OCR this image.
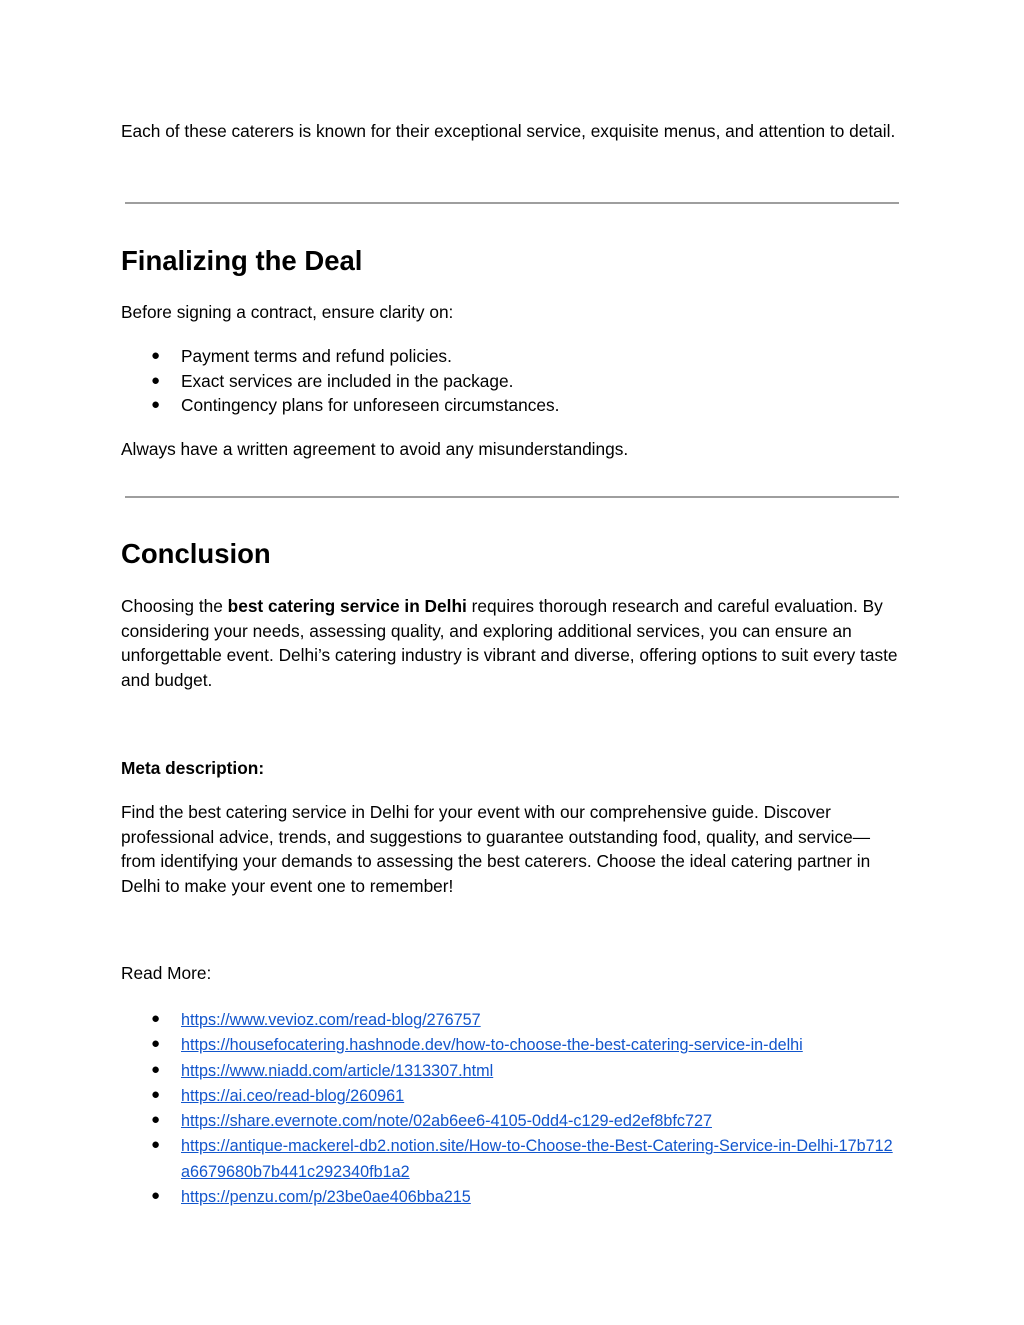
Each of these caterers is known for their exceptional service, exquisite menus, and attention to detail.

Finalizing the Deal

Before signing a contract, ensure clarity on:

● Payment terms and refund policies.
● Exact services are included in the package.
● Contingency plans for unforeseen circumstances.

Always have a written agreement to avoid any misunderstandings.

Conclusion

Choosing the best catering service in Delhi requires thorough research and careful evaluation. By considering your needs, assessing quality, and exploring additional services, you can ensure an unforgettable event. Delhi’s catering industry is vibrant and diverse, offering options to suit every taste and budget.

Meta description:

Find the best catering service in Delhi for your event with our comprehensive guide. Discover professional advice, trends, and suggestions to guarantee outstanding food, quality, and service—from identifying your demands to assessing the best caterers. Choose the ideal catering partner in Delhi to make your event one to remember!

Read More:

● https://www.vevioz.com/read-blog/276757
● https://housefocatering.hashnode.dev/how-to-choose-the-best-catering-service-in-delhi
● https://www.niadd.com/article/1313307.html
● https://ai.ceo/read-blog/260961
● https://share.evernote.com/note/02ab6ee6-4105-0dd4-c129-ed2ef8bfc727
● https://antique-mackerel-db2.notion.site/How-to-Choose-the-Best-Catering-Service-in-Delhi-17b712a6679680b7b441c292340fb1a2
● https://penzu.com/p/23be0ae406bba215
